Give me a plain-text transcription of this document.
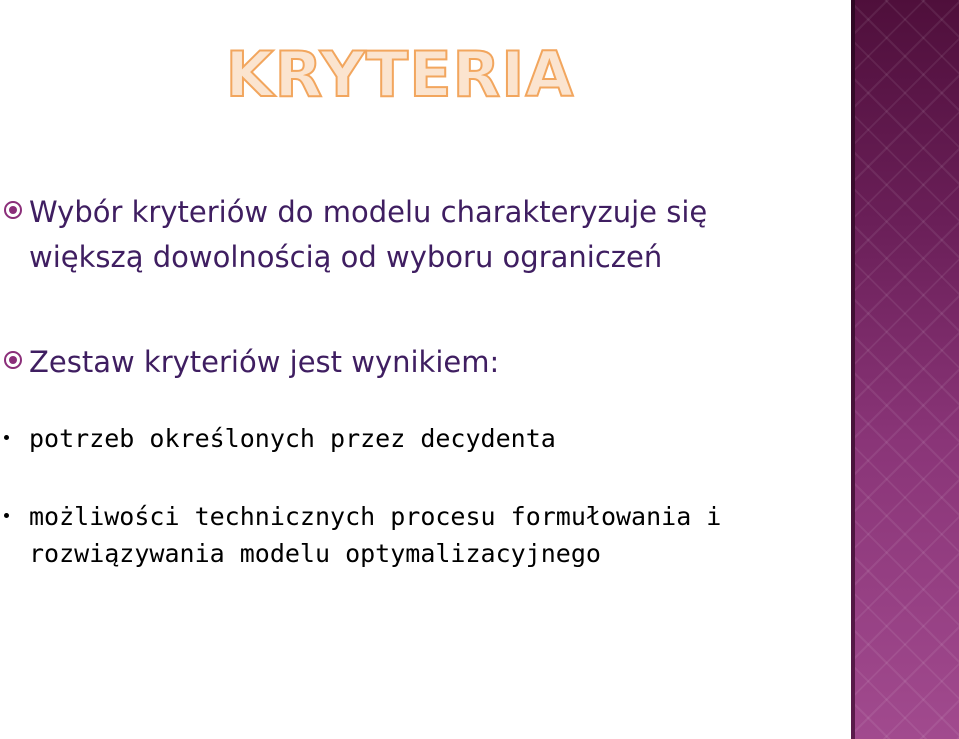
KRYTERIA
Wybór kryteriów do modelu charakteryzuje się większą dowolnością od wyboru ograniczeń
Zestaw kryteriów jest wynikiem:
potrzeb określonych przez decydenta
możliwości technicznych procesu formułowania i rozwiązywania modelu optymalizacyjnego
